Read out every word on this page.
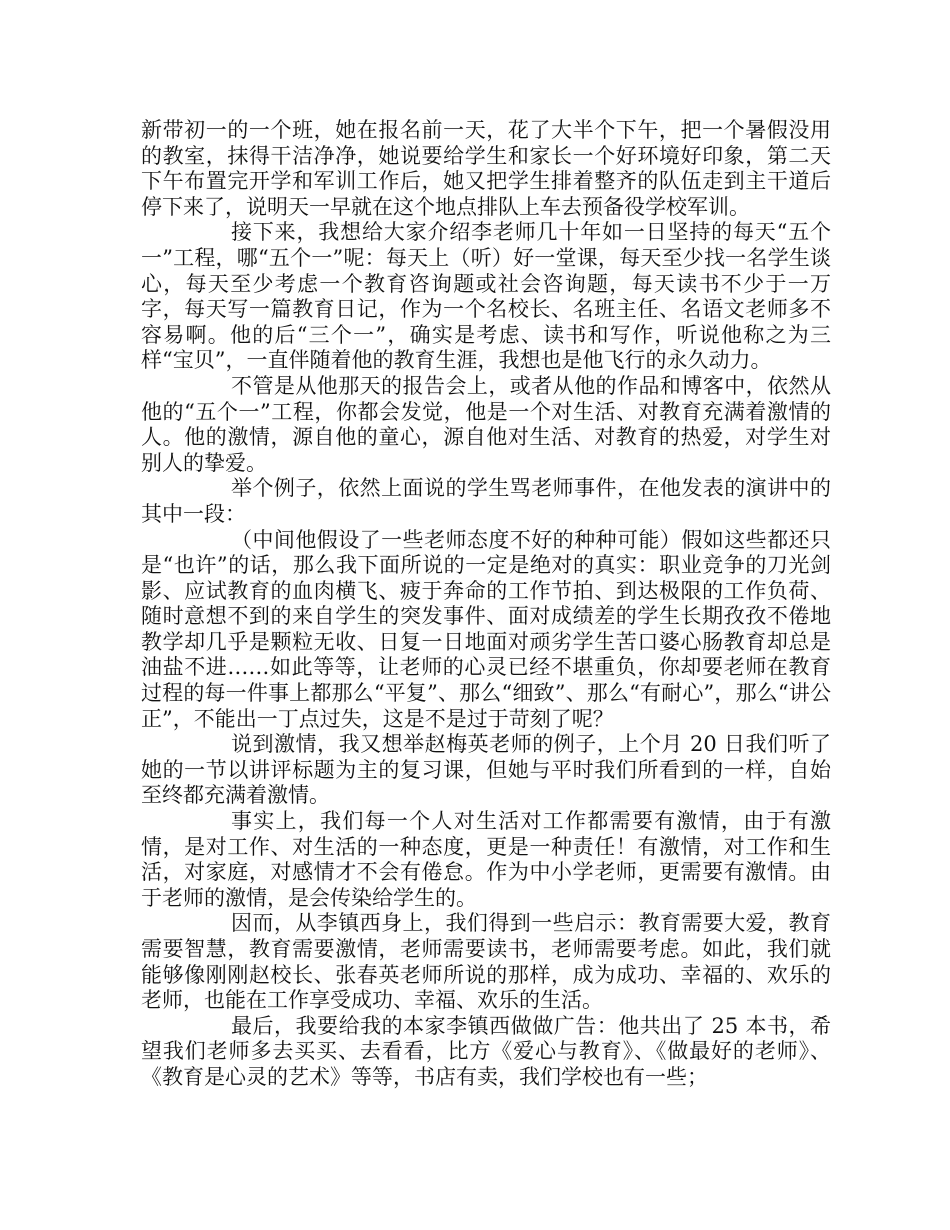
新带初一的一个班，她在报名前一天，花了大半个下午，把一个暑假没用的教室，抹得干洁净净，她说要给学生和家长一个好环境好印象，第二天下午布置完开学和军训工作后，她又把学生排着整齐的队伍走到主干道后停下来了，说明天一早就在这个地点排队上车去预备役学校军训。

接下来，我想给大家介绍李老师几十年如一日坚持的每天“五个一”工程，哪“五个一”呢：每天上（听）好一堂课，每天至少找一名学生谈心，每天至少考虑一个教育咨询题或社会咨询题，每天读书不少于一万字，每天写一篇教育日记，作为一个名校长、名班主任、名语文老师多不容易啊。他的后“三个一”，确实是考虑、读书和写作，听说他称之为三样“宝贝”，一直伴随着他的教育生涯，我想也是他飞行的永久动力。

不管是从他那天的报告会上，或者从他的作品和博客中，依然从他的“五个一”工程，你都会发觉，他是一个对生活、对教育充满着激情的人。他的激情，源自他的童心，源自他对生活、对教育的热爱，对学生对别人的挚爱。

举个例子，依然上面说的学生骂老师事件，在他发表的演讲中的其中一段：

（中间他假设了一些老师态度不好的种种可能）假如这些都还只是“也许”的话，那么我下面所说的一定是绝对的真实：职业竞争的刀光剑影、应试教育的血肉横飞、疲于奔命的工作节拍、到达极限的工作负荷、随时意想不到的来自学生的突发事件、面对成绩差的学生长期孜孜不倦地教学却几乎是颗粒无收、日复一日地面对顽劣学生苦口婆心肠教育却总是油盐不进……如此等等，让老师的心灵已经不堪重负，你却要老师在教育过程的每一件事上都那么“平复”、那么“细致”、那么“有耐心”，那么“讲公正”，不能出一丁点过失，这是不是过于苛刻了呢？

说到激情，我又想举赵梅英老师的例子，上个月 20 日我们听了她的一节以讲评标题为主的复习课，但她与平时我们所看到的一样，自始至终都充满着激情。

事实上，我们每一个人对生活对工作都需要有激情，由于有激情，是对工作、对生活的一种态度，更是一种责任！有激情，对工作和生活，对家庭，对感情才不会有倦怠。作为中小学老师，更需要有激情。由于老师的激情，是会传染给学生的。

因而，从李镇西身上，我们得到一些启示：教育需要大爱，教育需要智慧，教育需要激情，老师需要读书，老师需要考虑。如此，我们就能够像刚刚赵校长、张春英老师所说的那样，成为成功、幸福的、欢乐的老师，也能在工作享受成功、幸福、欢乐的生活。

最后，我要给我的本家李镇西做做广告：他共出了 25 本书，希望我们老师多去买买、去看看，比方《爱心与教育》、《做最好的老师》、《教育是心灵的艺术》等等，书店有卖，我们学校也有一些；
